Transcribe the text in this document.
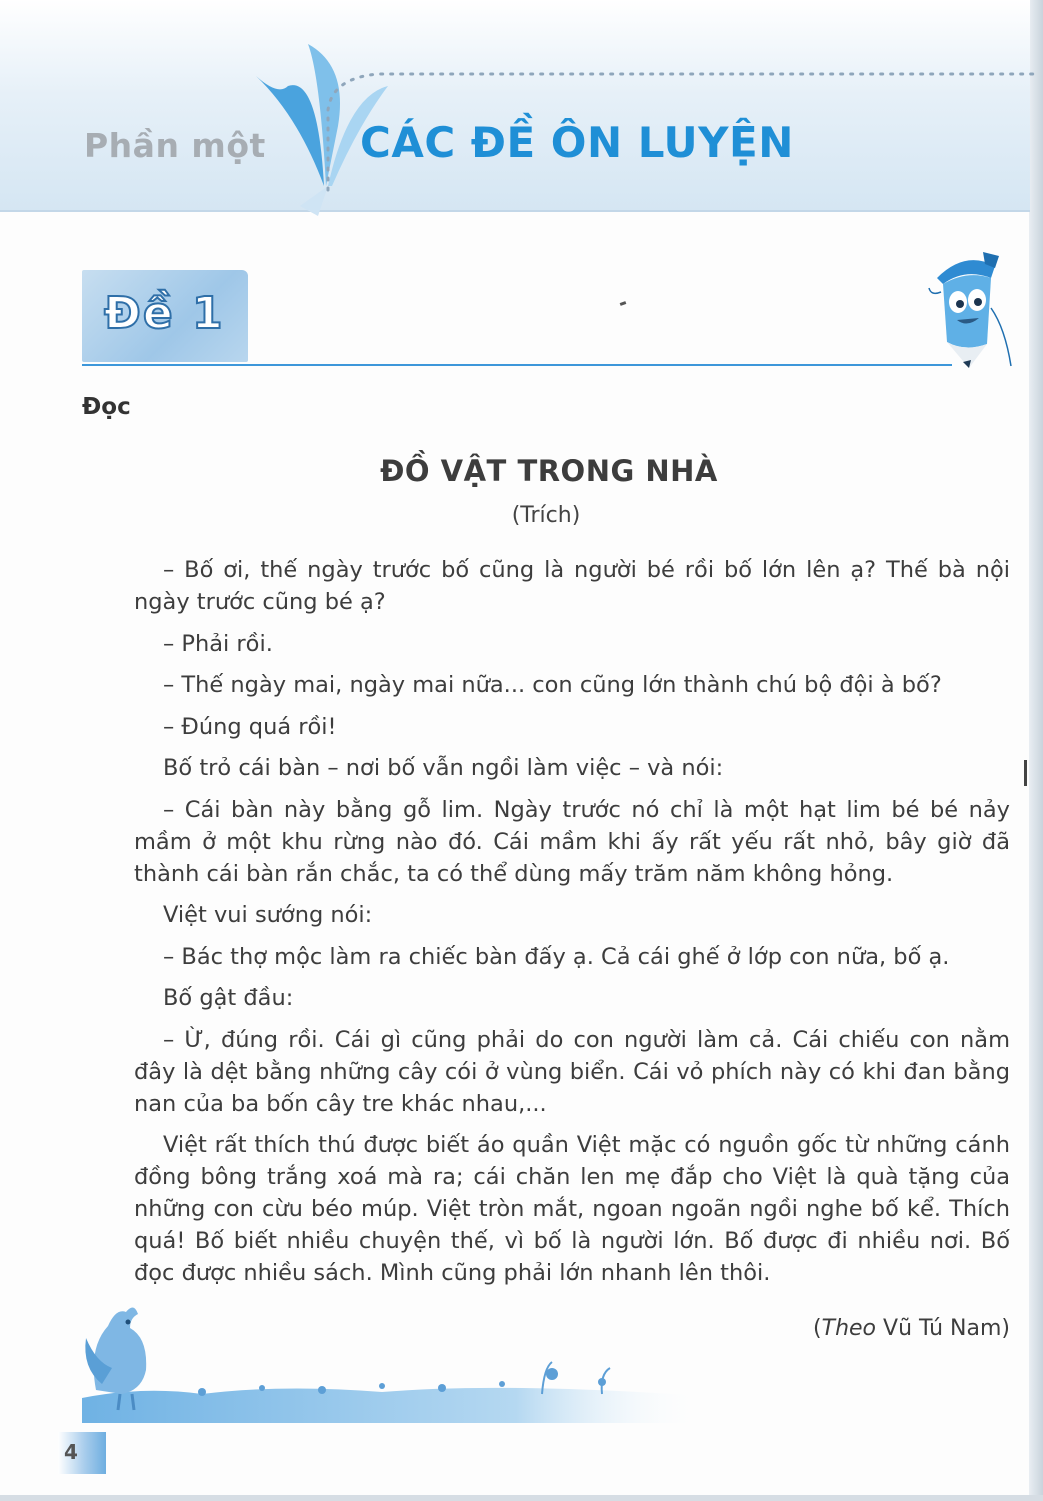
Phần một CÁC ĐỀ ÔN LUYỆN
Đề 1
Đọc
ĐỒ VẬT TRONG NHÀ
(Trích)

– Bố ơi, thế ngày trước bố cũng là người bé rồi bố lớn lên ạ? Thế bà nội ngày trước cũng bé ạ?

– Phải rồi.

– Thế ngày mai, ngày mai nữa... con cũng lớn thành chú bộ đội à bố?

– Đúng quá rồi!

Bố trỏ cái bàn – nơi bố vẫn ngồi làm việc – và nói:

– Cái bàn này bằng gỗ lim. Ngày trước nó chỉ là một hạt lim bé bé nảy mầm ở một khu rừng nào đó. Cái mầm khi ấy rất yếu rất nhỏ, bây giờ đã thành cái bàn rắn chắc, ta có thể dùng mấy trăm năm không hỏng.

Việt vui sướng nói:

– Bác thợ mộc làm ra chiếc bàn đấy ạ. Cả cái ghế ở lớp con nữa, bố ạ.

Bố gật đầu:

– Ừ, đúng rồi. Cái gì cũng phải do con người làm cả. Cái chiếu con nằm đây là dệt bằng những cây cói ở vùng biển. Cái vỏ phích này có khi đan bằng nan của ba bốn cây tre khác nhau,...

Việt rất thích thú được biết áo quần Việt mặc có nguồn gốc từ những cánh đồng bông trắng xoá mà ra; cái chăn len mẹ đắp cho Việt là quà tặng của những con cừu béo múp. Việt tròn mắt, ngoan ngoãn ngồi nghe bố kể. Thích quá! Bố biết nhiều chuyện thế, vì bố là người lớn. Bố được đi nhiều nơi. Bố đọc được nhiều sách. Mình cũng phải lớn nhanh lên thôi.

(Theo Vũ Tú Nam)
4
